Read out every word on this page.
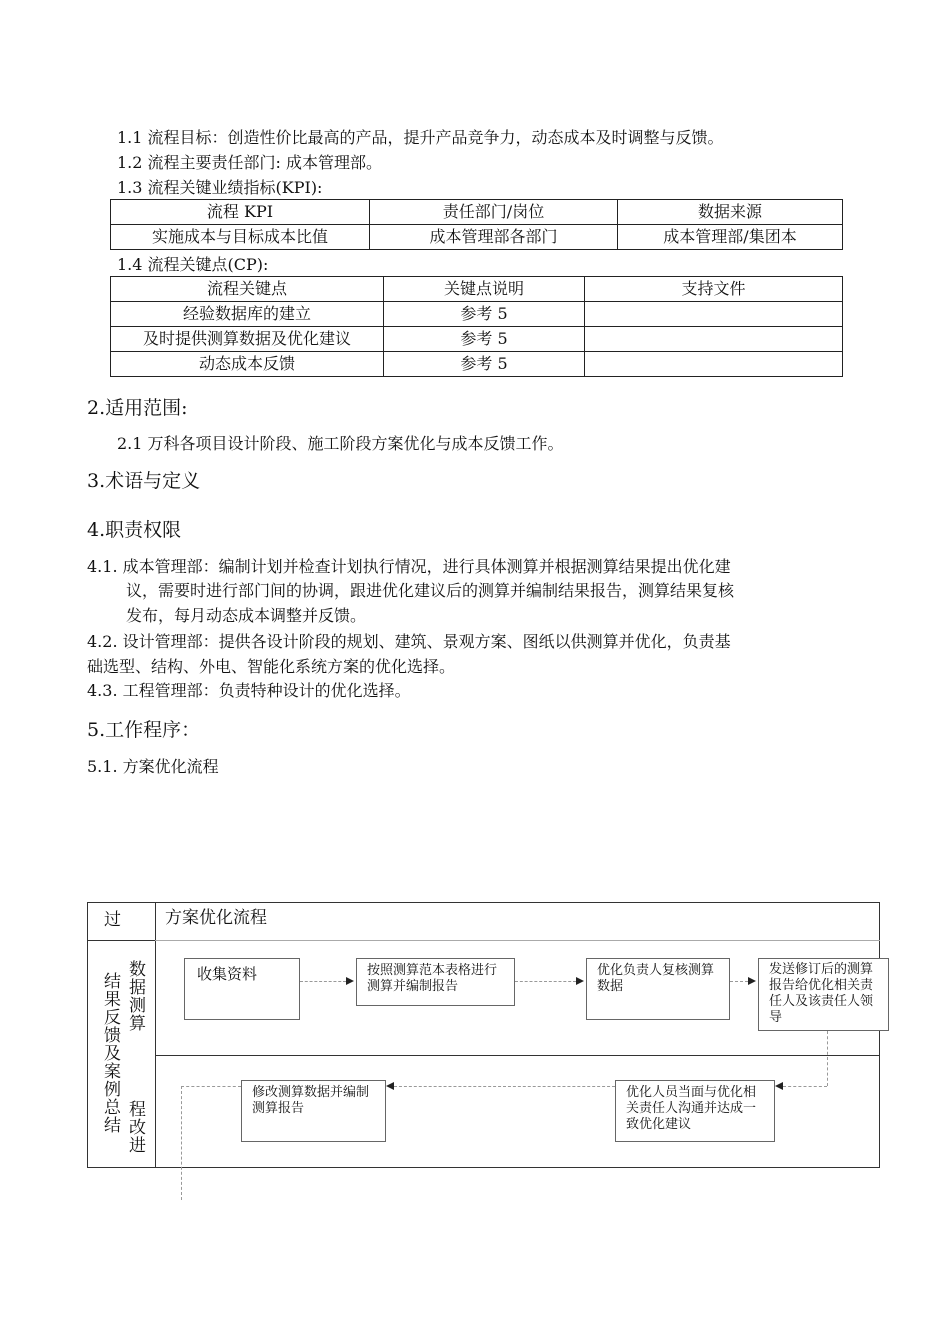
1.1 流程目标：创造性价比最高的产品，提升产品竞争力，动态成本及时调整与反馈。
1.2 流程主要责任部门: 成本管理部。
1.3 流程关键业绩指标(KPI):
流程 KPI	责任部门/岗位	数据来源
实施成本与目标成本比值	成本管理部各部门	成本管理部/集团本
1.4 流程关键点(CP):
流程关键点	关键点说明	支持文件
经验数据库的建立	参考 5	
及时提供测算数据及优化建议	参考 5	
动态成本反馈	参考 5	
2.适用范围:
2.1 万科各项目设计阶段、施工阶段方案优化与成本反馈工作。
3.术语与定义
4.职责权限
4.1. 成本管理部：编制计划并检查计划执行情况，进行具体测算并根据测算结果提出优化建
议，需要时进行部门间的协调，跟进优化建议后的测算并编制结果报告，测算结果复核
发布，每月动态成本调整并反馈。
4.2. 设计管理部：提供各设计阶段的规划、建筑、景观方案、图纸以供测算并优化，负责基
础选型、结构、外电、智能化系统方案的优化选择。
4.3. 工程管理部：负责特种设计的优化选择。
5.工作程序：
5.1. 方案优化流程
方案优化流程
过
结果反馈及案例总结 数据测算
程改进
收集资料	按照测算范本表格进行测算并编制报告
优化负责人复核测算数据
发送修订后的测算报告给优化相关责任人及该责任人领导
优化人员当面与优化相关责任人沟通并达成一致优化建议
修改测算数据并编制测算报告
